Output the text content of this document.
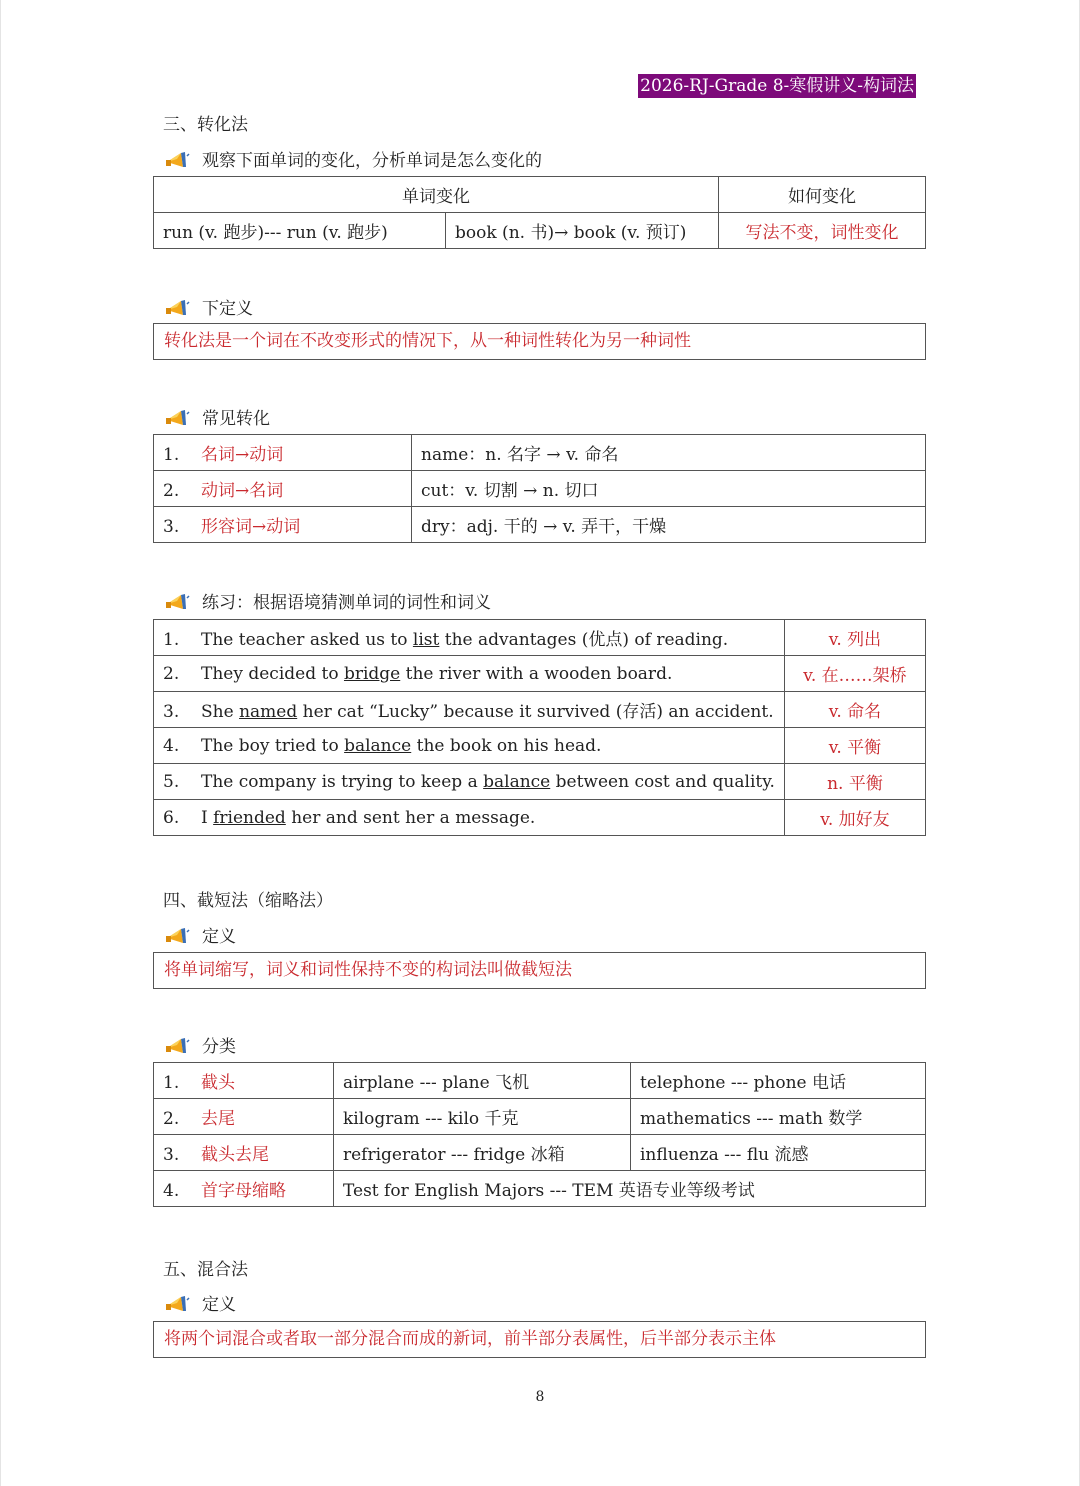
2026-RJ-Grade 8-寒假讲义-构词法
三、转化法
观察下面单词的变化，分析单词是怎么变化的
单词变化		如何变化
run (v. 跑步)--- run (v. 跑步)	book (n. 书)→ book (v. 预订)	写法不变，词性变化
下定义
转化法是一个词在不改变形式的情况下，从一种词性转化为另一种词性
常见转化
1. 名词→动词	name：n. 名字 → v. 命名
2. 动词→名词	cut：v. 切割 → n. 切口
3. 形容词→动词	dry：adj. 干的 → v. 弄干，干燥
练习：根据语境猜测单词的词性和词义
1. The teacher asked us to list the advantages (优点) of reading.	v. 列出
2. They decided to bridge the river with a wooden board.	v. 在……架桥
3. She named her cat “Lucky” because it survived (存活) an accident.	v. 命名
4. The boy tried to balance the book on his head.	v. 平衡
5. The company is trying to keep a balance between cost and quality.	n. 平衡
6. I friended her and sent her a message.	v. 加好友
四、截短法（缩略法）
定义
将单词缩写，词义和词性保持不变的构词法叫做截短法
分类
1. 截头	airplane --- plane 飞机	telephone --- phone 电话
2. 去尾	kilogram --- kilo 千克	mathematics --- math 数学
3. 截头去尾	refrigerator --- fridge 冰箱	influenza --- flu 流感
4. 首字母缩略	Test for English Majors --- TEM 英语专业等级考试	
五、混合法
定义
将两个词混合或者取一部分混合而成的新词，前半部分表属性，后半部分表示主体
8
